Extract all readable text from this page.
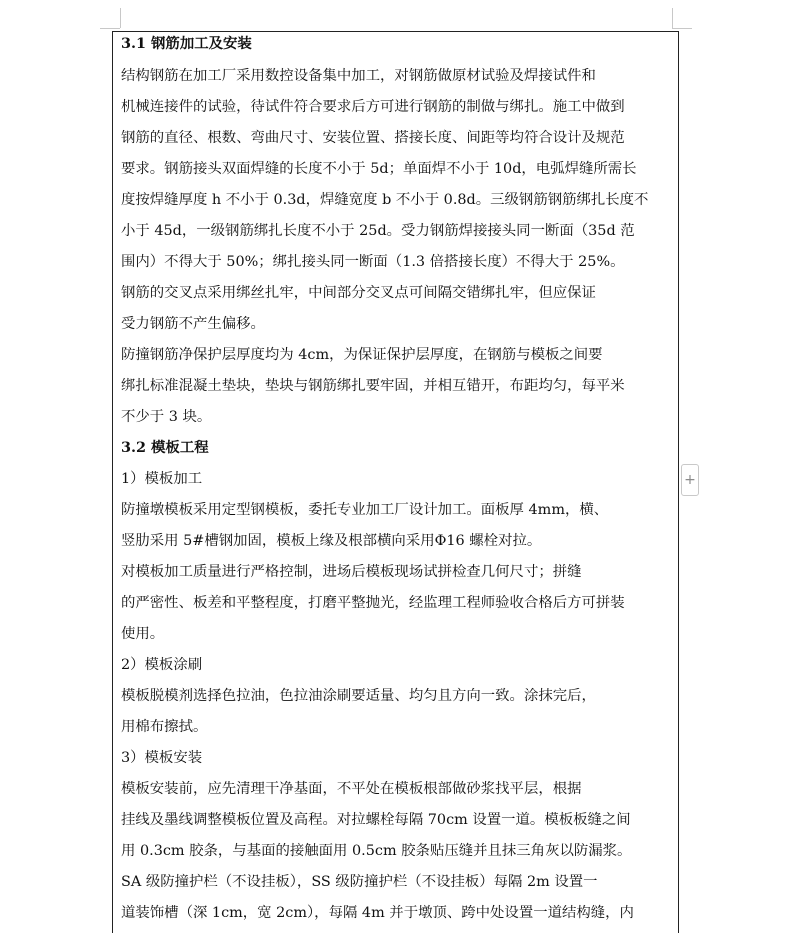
3.1 钢筋加工及安装
结构钢筋在加工厂采用数控设备集中加工，对钢筋做原材试验及焊接试件和
机械连接件的试验，待试件符合要求后方可进行钢筋的制做与绑扎。施工中做到
钢筋的直径、根数、弯曲尺寸、安装位置、搭接长度、间距等均符合设计及规范
要求。钢筋接头双面焊缝的长度不小于 5d；单面焊不小于 10d，电弧焊缝所需长
度按焊缝厚度 h 不小于 0.3d，焊缝宽度 b 不小于 0.8d。三级钢筋钢筋绑扎长度不
小于 45d，一级钢筋绑扎长度不小于 25d。受力钢筋焊接接头同一断面（35d 范
围内）不得大于 50%；绑扎接头同一断面（1.3 倍搭接长度）不得大于 25%。
钢筋的交叉点采用绑丝扎牢，中间部分交叉点可间隔交错绑扎牢，但应保证
受力钢筋不产生偏移。
防撞钢筋净保护层厚度均为 4cm，为保证保护层厚度，在钢筋与模板之间要
绑扎标准混凝土垫块，垫块与钢筋绑扎要牢固，并相互错开，布距均匀，每平米
不少于 3 块。
3.2 模板工程
1）模板加工
防撞墩模板采用定型钢模板，委托专业加工厂设计加工。面板厚 4mm，横、
竖肋采用 5#槽钢加固，模板上缘及根部横向采用Φ16 螺栓对拉。
对模板加工质量进行严格控制，进场后模板现场试拼检查几何尺寸；拼缝
的严密性、板差和平整程度，打磨平整抛光，经监理工程师验收合格后方可拼装
使用。
2）模板涂刷
模板脱模剂选择色拉油，色拉油涂刷要适量、均匀且方向一致。涂抹完后，
用棉布擦拭。
3）模板安装
模板安装前，应先清理干净基面，不平处在模板根部做砂浆找平层，根据
挂线及墨线调整模板位置及高程。对拉螺栓每隔 70cm 设置一道。模板板缝之间
用 0.3cm 胶条，与基面的接触面用 0.5cm 胶条贴压缝并且抹三角灰以防漏浆。
SA 级防撞护栏（不设挂板），SS 级防撞护栏（不设挂板）每隔 2m 设置一
道装饰槽（深 1cm，宽 2cm），每隔 4m 并于墩顶、跨中处设置一道结构缝，内
+
